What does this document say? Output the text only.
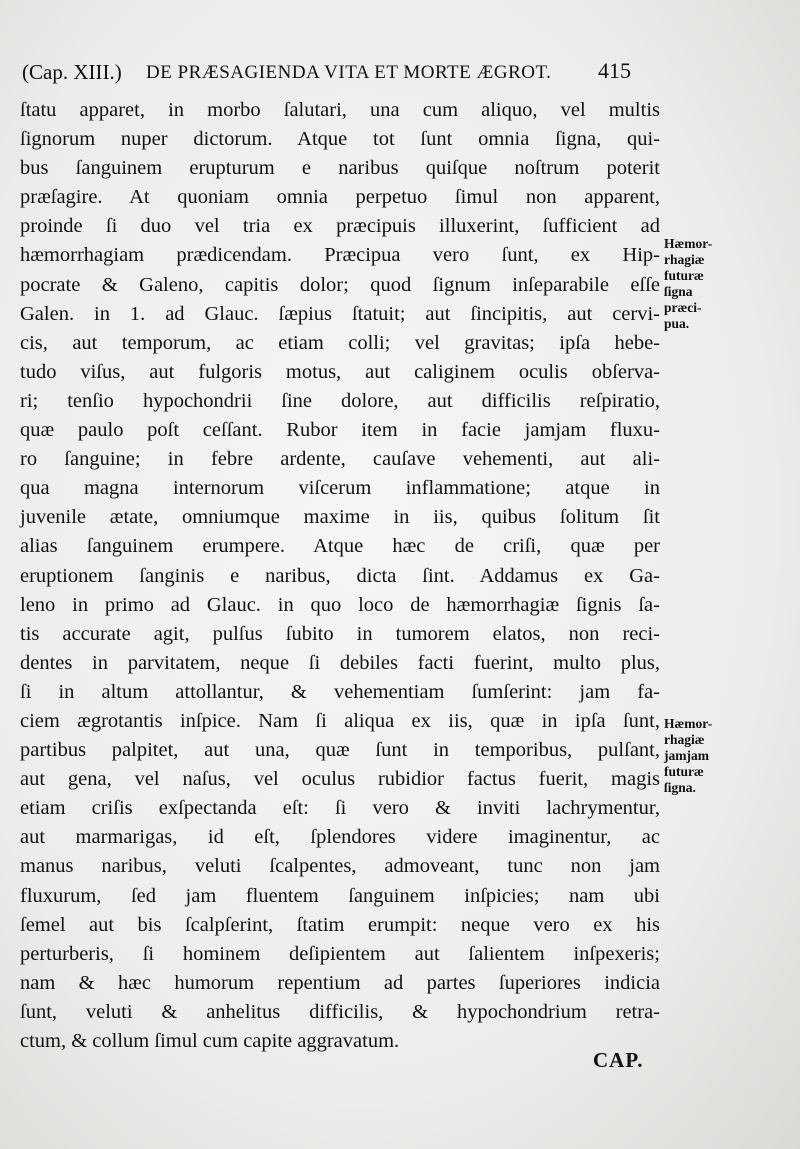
(Cap. XIII.) DE PRÆSAGIENDA VITA ET MORTE ÆGROT. 415
ſtatu apparet, in morbo ſalutari, una cum aliquo, vel multis
ſignorum nuper dictorum. Atque tot ſunt omnia ſigna, qui-
bus ſanguinem erupturum e naribus quiſque noſtrum poterit
præſagire. At quoniam omnia perpetuo ſimul non apparent,
proinde ſi duo vel tria ex præcipuis illuxerint, ſufficient ad
hæmorrhagiam prædicendam. Præcipua vero ſunt, ex Hip-
pocrate & Galeno, capitis dolor; quod ſignum inſeparabile eſſe
Galen. in 1. ad Glauc. ſæpius ſtatuit; aut ſincipitis, aut cervi-
cis, aut temporum, ac etiam colli; vel gravitas; ipſa hebe-
tudo viſus, aut fulgoris motus, aut caliginem oculis obſerva-
ri; tenſio hypochondrii ſine dolore, aut difficilis reſpiratio,
quæ paulo poſt ceſſant. Rubor item in facie jamjam fluxu-
ro ſanguine; in febre ardente, cauſave vehementi, aut ali-
qua magna internorum viſcerum inflammatione; atque in
juvenile ætate, omniumque maxime in iis, quibus ſolitum ſit
alias ſanguinem erumpere. Atque hæc de criſi, quæ per
eruptionem ſanginis e naribus, dicta ſint. Addamus ex Ga-
leno in primo ad Glauc. in quo loco de hæmorrhagiæ ſignis ſa-
tis accurate agit, pulſus ſubito in tumorem elatos, non reci-
dentes in parvitatem, neque ſi debiles facti fuerint, multo plus,
ſi in altum attollantur, & vehementiam ſumſerint: jam fa-
ciem ægrotantis inſpice. Nam ſi aliqua ex iis, quæ in ipſa ſunt,
partibus palpitet, aut una, quæ ſunt in temporibus, pulſant,
aut gena, vel naſus, vel oculus rubidior factus fuerit, magis
etiam criſis exſpectanda eſt: ſi vero & inviti lachrymentur,
aut marmarigas, id eſt, ſplendores videre imaginentur, ac
manus naribus, veluti ſcalpentes, admoveant, tunc non jam
fluxurum, ſed jam fluentem ſanguinem inſpicies; nam ubi
ſemel aut bis ſcalpſerint, ſtatim erumpit: neque vero ex his
perturberis, ſi hominem deſipientem aut ſalientem inſpexeris;
nam & hæc humorum repentium ad partes ſuperiores indicia
ſunt, veluti & anhelitus difficilis, & hypochondrium retra-
ctum, & collum ſimul cum capite aggravatum.
Hæmor-
rhagiæ
futuræ
ſigna
præci-
pua.
Hæmor-
rhagiæ
jamjam
futuræ
ſigna.
CAP.
